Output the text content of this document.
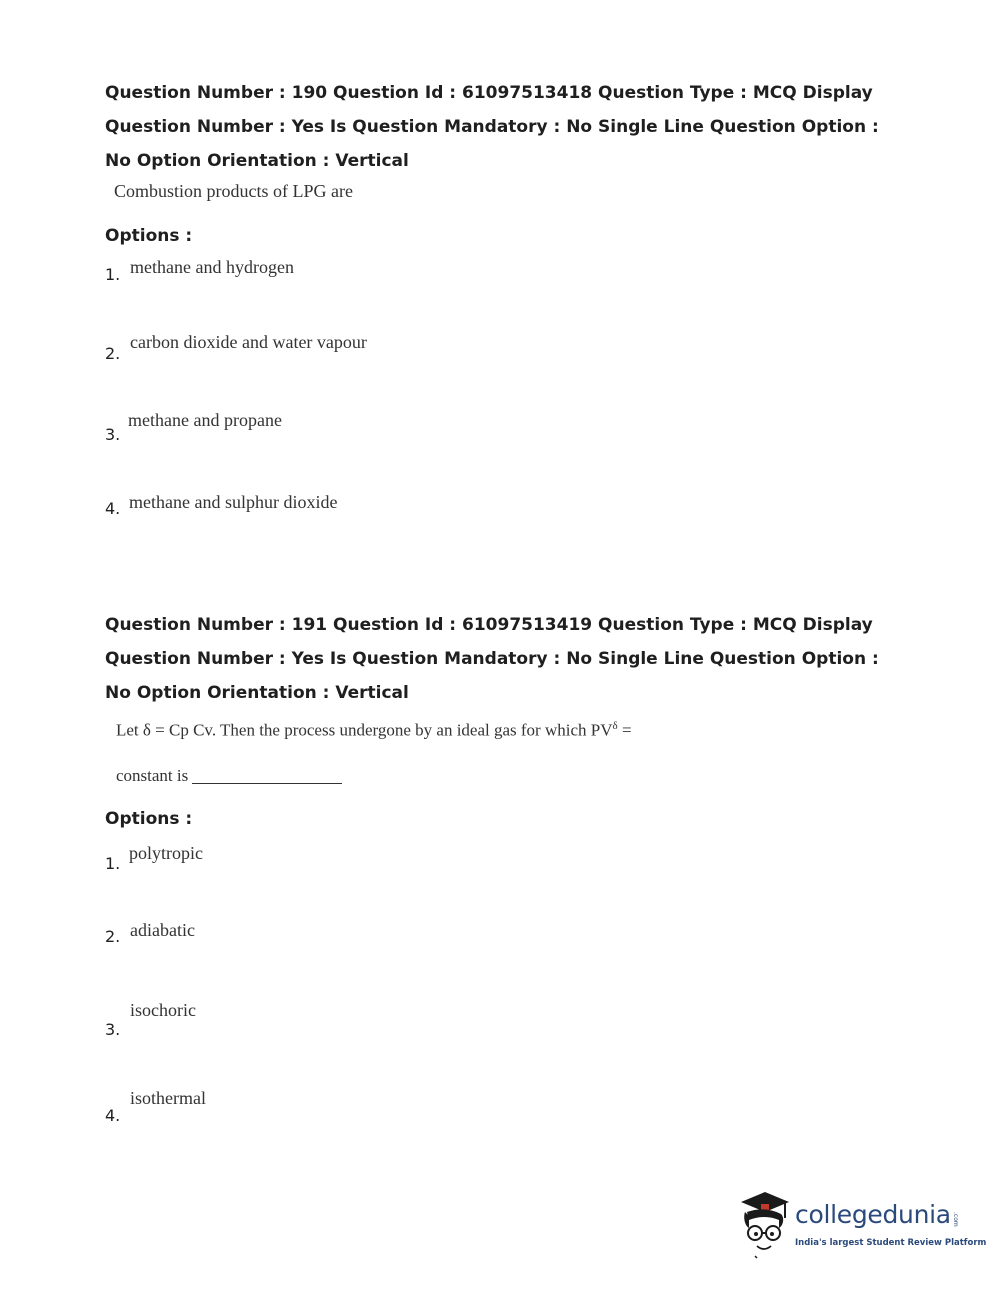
Question Number : 190 Question Id : 61097513418 Question Type : MCQ Display Question Number : Yes Is Question Mandatory : No Single Line Question Option : No Option Orientation : Vertical
Combustion products of LPG are
Options :
1. methane and hydrogen
2.
carbon dioxide and water vapour
3.
methane and propane
4. methane and sulphur dioxide
Question Number : 191 Question Id : 61097513419 Question Type : MCQ Display Question Number : Yes Is Question Mandatory : No Single Line Question Option : No Option Orientation : Vertical
Let δ = Cp Cv. Then the process undergone by an ideal gas for which $PV^\delta$ =
constant is
Options :
1.
polytropic
2. adiabatic
3.
isochoric
4.
isothermal
collegedunia .com
India's largest Student Review Platform
